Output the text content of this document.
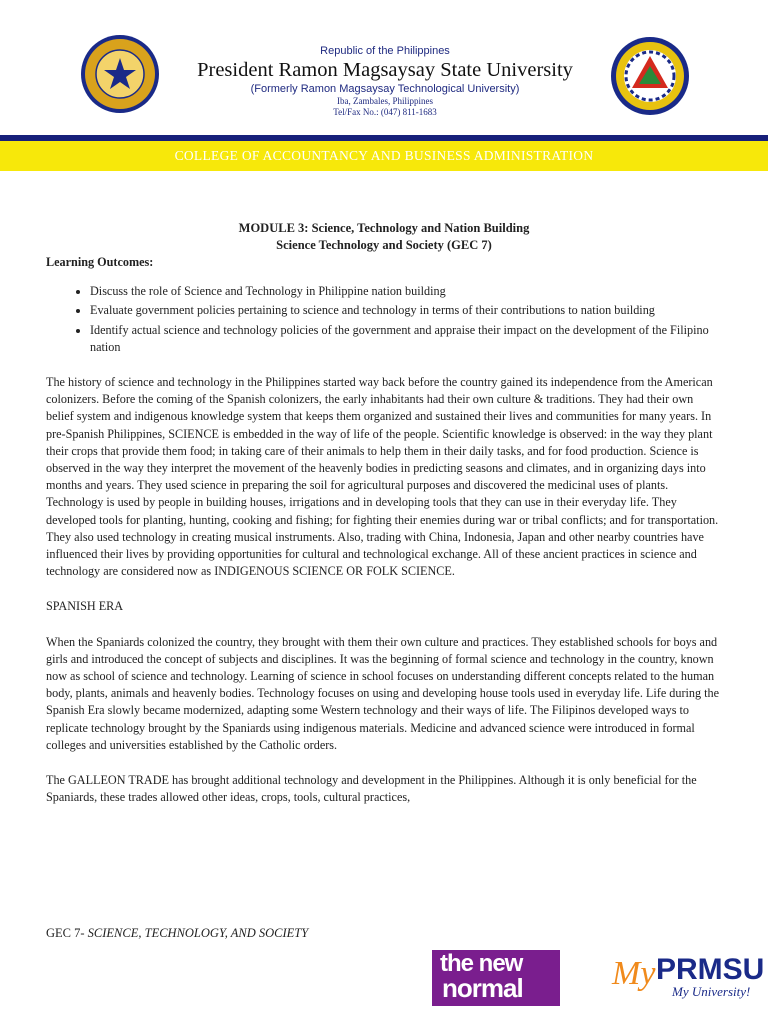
Republic of the Philippines
President Ramon Magsaysay State University
(Formerly Ramon Magsaysay Technological University)
Iba, Zambales, Philippines
Tel/Fax No.: (047) 811-1683
COLLEGE OF ACCOUNTANCY AND BUSINESS ADMINISTRATION
MODULE 3: Science, Technology and Nation Building
Science Technology and Society (GEC 7)
Learning Outcomes:
• Discuss the role of Science and Technology in Philippine nation building
• Evaluate government policies pertaining to science and technology in terms of their contributions to nation building
• Identify actual science and technology policies of the government and appraise their impact on the development of the Filipino nation

The history of science and technology in the Philippines started way back before the country gained its independence from the American colonizers. Before the coming of the Spanish colonizers, the early inhabitants had their own culture & traditions. They had their own belief system and indigenous knowledge system that keeps them organized and sustained their lives and communities for many years. In pre-Spanish Philippines, SCIENCE is embedded in the way of life of the people. Scientific knowledge is observed: in the way they plant their crops that provide them food; in taking care of their animals to help them in their daily tasks, and for food production. Science is observed in the way they interpret the movement of the heavenly bodies in predicting seasons and climates, and in organizing days into months and years. They used science in preparing the soil for agricultural purposes and discovered the medicinal uses of plants. Technology is used by people in building houses, irrigations and in developing tools that they can use in their everyday life. They developed tools for planting, hunting, cooking and fishing; for fighting their enemies during war or tribal conflicts; and for transportation. They also used technology in creating musical instruments. Also, trading with China, Indonesia, Japan and other nearby countries have influenced their lives by providing opportunities for cultural and technological exchange. All of these ancient practices in science and technology are considered now as INDIGENOUS SCIENCE OR FOLK SCIENCE.

SPANISH ERA

When the Spaniards colonized the country, they brought with them their own culture and practices. They established schools for boys and girls and introduced the concept of subjects and disciplines. It was the beginning of formal science and technology in the country, known now as school of science and technology. Learning of science in school focuses on understanding different concepts related to the human body, plants, animals and heavenly bodies. Technology focuses on using and developing house tools used in everyday life. Life during the Spanish Era slowly became modernized, adapting some Western technology and their ways of life. The Filipinos developed ways to replicate technology brought by the Spaniards using indigenous materials. Medicine and advanced science were introduced in formal colleges and universities established by the Catholic orders.

The GALLEON TRADE has brought additional technology and development in the Philippines. Although it is only beneficial for the Spaniards, these trades allowed other ideas, crops, tools, cultural practices,

GEC 7- SCIENCE, TECHNOLOGY, AND SOCIETY
the new
normal	My PRMSU
My University!
